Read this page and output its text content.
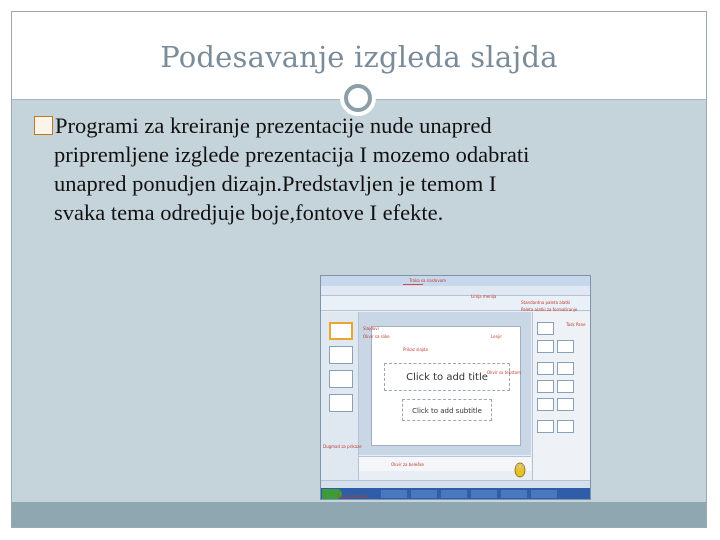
Podesavanje izgleda slajda
Programi za kreiranje prezentacije nude unapred
pripremljene izglede prezentacija I mozemo odabrati
unapred ponudjen dizajn.Predstavljen je temom I
svaka tema odredjuje boje,fontove I efekte.
Click to add title
Click to add subtitle
Traka sa naslovom
Linija menija
Standardna paleta alatki
Paleta alatki za formatiranje
Slajdovi
Okvir sa slike	Lenjir
Task Pane
Prikaz slajda
Okvir sa tekstom
Dugmad za prikaze
Okvir za beleške
Traka zadataka
